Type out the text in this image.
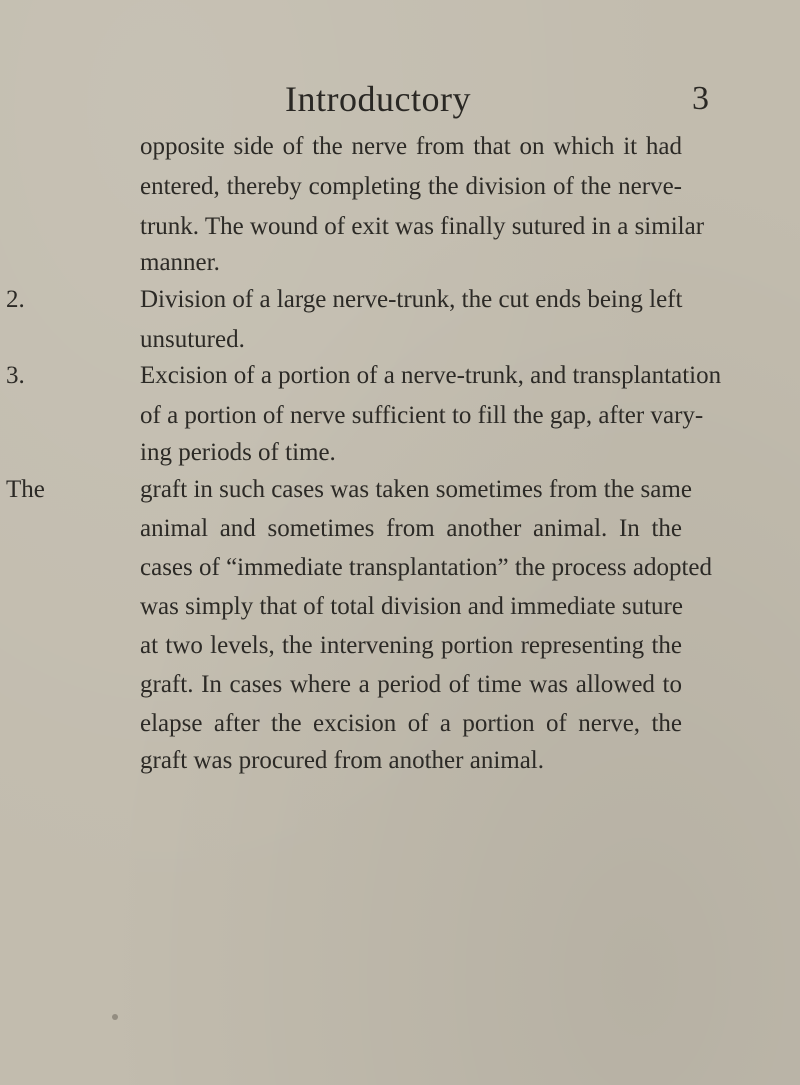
Introductory	3
opposite side of the nerve from that on which it had
entered, thereby completing the division of the nerve-
trunk. The wound of exit was finally sutured in a similar
manner.
2.	Division of a large nerve-trunk, the cut ends being left
unsutured.
3.	Excision of a portion of a nerve-trunk, and transplantation
of a portion of nerve sufficient to fill the gap, after vary-
ing periods of time.
The	graft in such cases was taken sometimes from the same
animal and sometimes from another animal. In the
cases of “immediate transplantation” the process adopted
was simply that of total division and immediate suture
at two levels, the intervening portion representing the
graft. In cases where a period of time was allowed to
elapse after the excision of a portion of nerve, the
graft was procured from another animal.
